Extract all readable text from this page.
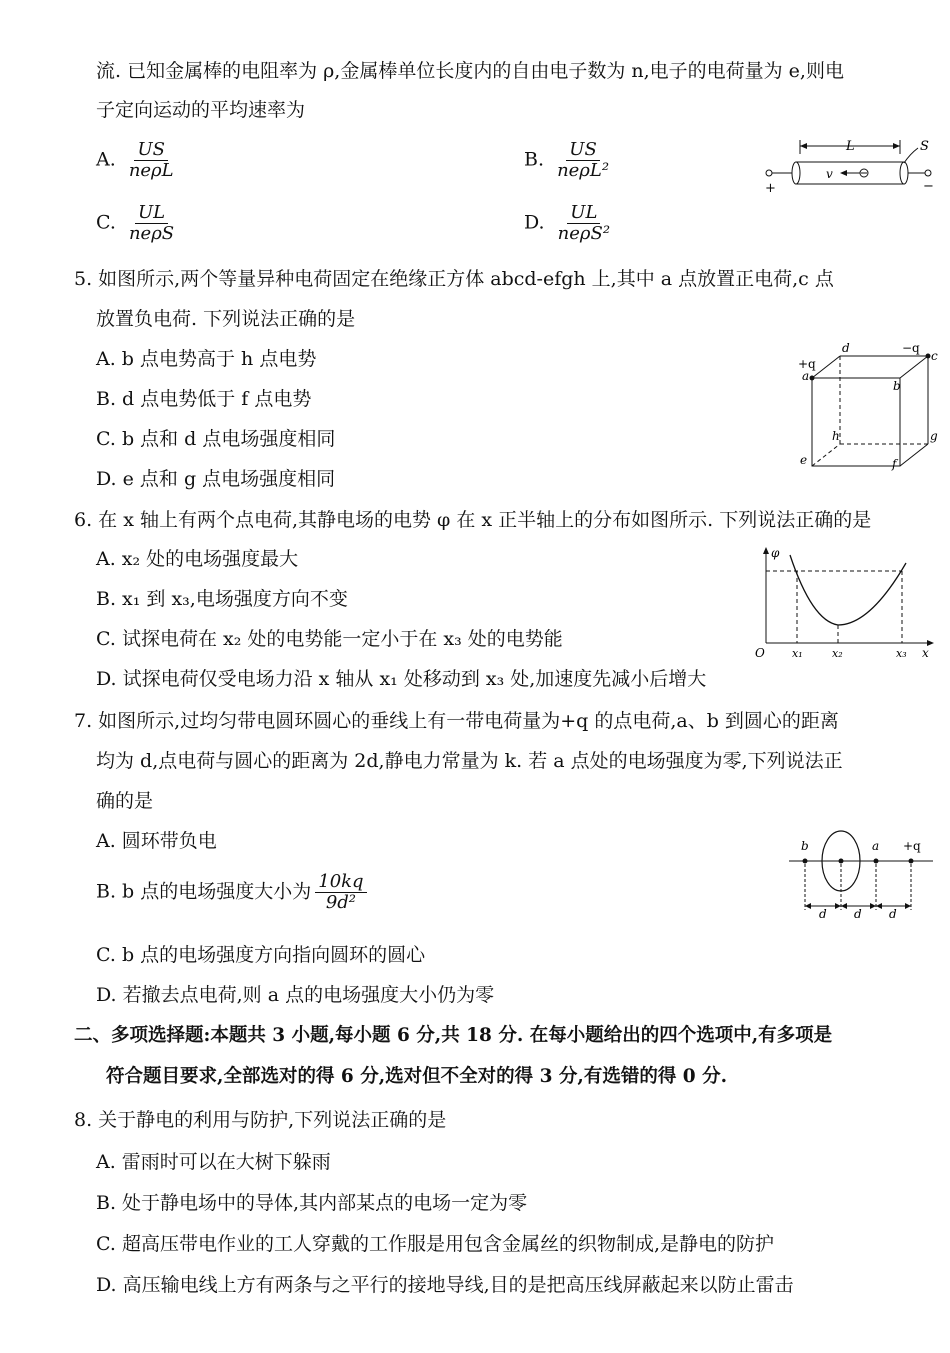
流. 已知金属棒的电阻率为 ρ,金属棒单位长度内的自由电子数为 n,电子的电荷量为 e,则电
子定向运动的平均速率为
A. $\frac{US}{\text{neρL}}$	B. $\frac{US}{\text{neρL²}}$
C. $\frac{UL}{\text{neρS}}$	D. $\frac{UL}{\text{neρS²}}$
L
+	−
v
S
5. 如图所示,两个等量异种电荷固定在绝缘正方体 abcd-efgh 上,其中 a 点放置正电荷,c 点
放置负电荷. 下列说法正确的是
A. b 点电势高于 h 点电势
B. d 点电势低于 f 点电势
C. b 点和 d 点电场强度相同
D. e 点和 g 点电场强度相同
a
+q
d	−q
c
b
h	g
e	f
6. 在 x 轴上有两个点电荷,其静电场的电势 φ 在 x 正半轴上的分布如图所示. 下列说法正确的是
A. x₂ 处的电场强度最大
B. x₁ 到 x₃,电场强度方向不变
C. 试探电荷在 x₂ 处的电势能一定小于在 x₃ 处的电势能
D. 试探电荷仅受电场力沿 x 轴从 x₁ 处移动到 x₃ 处,加速度先减小后增大
φ
O	x
x₁	x₂	x₃
7. 如图所示,过均匀带电圆环圆心的垂线上有一带电荷量为+q 的点电荷,a、b 到圆心的距离
均为 d,点电荷与圆心的距离为 2d,静电力常量为 k. 若 a 点处的电场强度为零,下列说法正
确的是
A. 圆环带负电
B. b 点的电场强度大小为 $\frac{10kq}{\text{9d²}}$
C. b 点的电场强度方向指向圆环的圆心
D. 若撤去点电荷,则 a 点的电场强度大小仍为零
b	a +q
d d d
二、多项选择题:本题共 3 小题,每小题 6 分,共 18 分. 在每小题给出的四个选项中,有多项是
符合题目要求,全部选对的得 6 分,选对但不全对的得 3 分,有选错的得 0 分.
8. 关于静电的利用与防护,下列说法正确的是
A. 雷雨时可以在大树下躲雨
B. 处于静电场中的导体,其内部某点的电场一定为零
C. 超高压带电作业的工人穿戴的工作服是用包含金属丝的织物制成,是静电的防护
D. 高压输电线上方有两条与之平行的接地导线,目的是把高压线屏蔽起来以防止雷击
